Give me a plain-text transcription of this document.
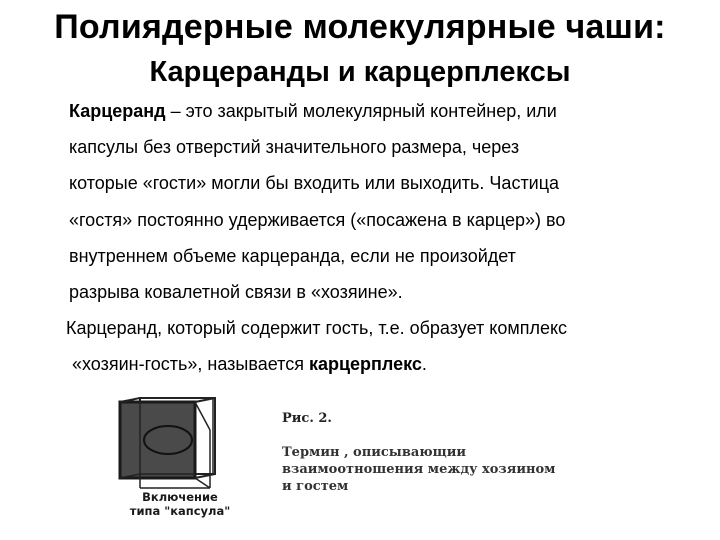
Полиядерные молекулярные чаши:
Карцеранды и карцерплексы
Карцеранд – это закрытый молекулярный контейнер, или
капсулы без отверстий значительного размера, через
которые «гости» могли бы входить или выходить. Частица
«гостя» постоянно удерживается («посажена в карцер») во
внутреннем объеме карцеранда, если не произойдет
разрыва ковалетной связи в «хозяине».
Карцеранд, который содержит гость, т.е. образует комплекс
«хозяин-гость», называется карцерплекс.
Включение
типа "капсула"
Рис. 2.

Термин , описывающии
взаимоотношения между хозяином
и гостем
